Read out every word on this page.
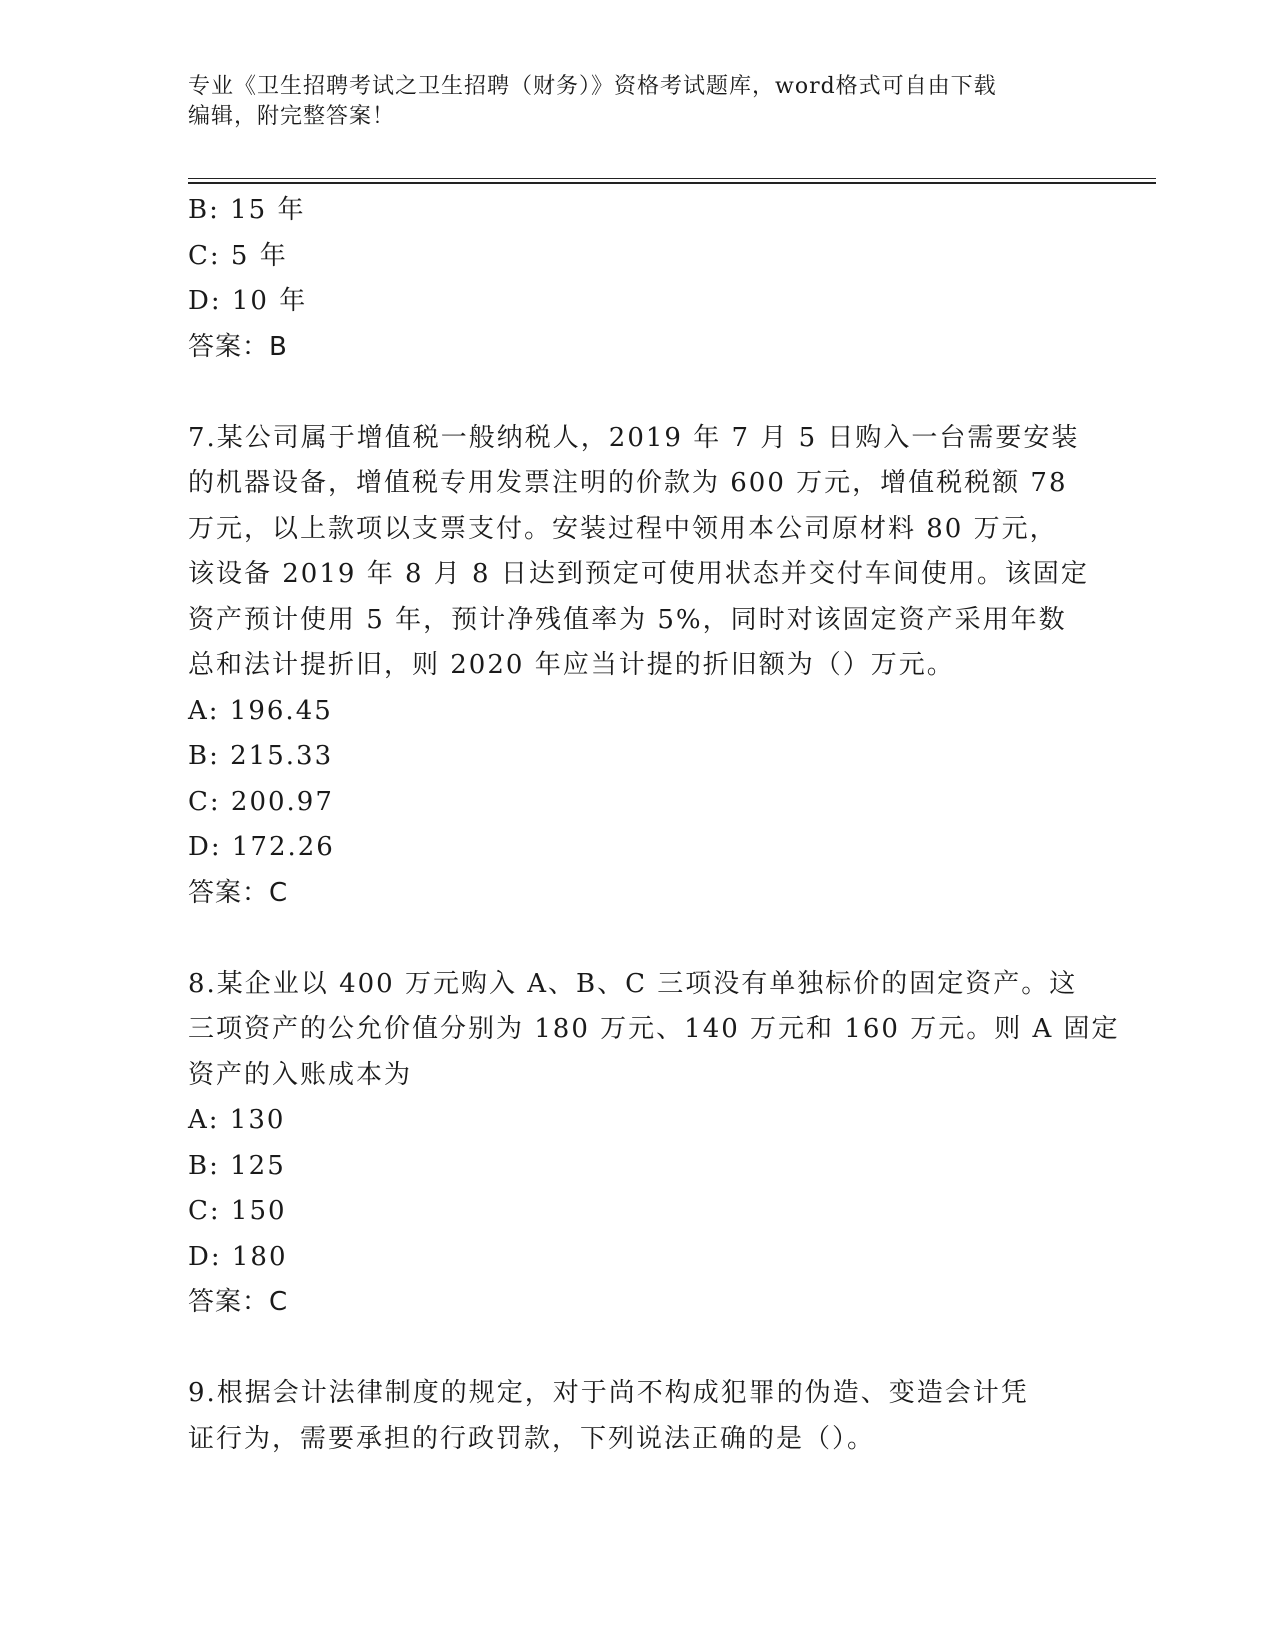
专业《卫生招聘考试之卫生招聘（财务）》资格考试题库，word格式可自由下载
编辑，附完整答案！
B: 15 年
C: 5 年
D: 10 年
答案：B
7.某公司属于增值税一般纳税人，2019 年 7 月 5 日购入一台需要安装
的机器设备，增值税专用发票注明的价款为 600 万元，增值税税额 78
万元，以上款项以支票支付。安装过程中领用本公司原材料 80 万元，
该设备 2019 年 8 月 8 日达到预定可使用状态并交付车间使用。该固定
资产预计使用 5 年，预计净残值率为 5%，同时对该固定资产采用年数
总和法计提折旧，则 2020 年应当计提的折旧额为（）万元。
A: 196.45
B: 215.33
C: 200.97
D: 172.26
答案：C
8.某企业以 400 万元购入 A、B、C 三项没有单独标价的固定资产。这
三项资产的公允价值分别为 180 万元、140 万元和 160 万元。则 A 固定
资产的入账成本为
A: 130
B: 125
C: 150
D: 180
答案：C
9.根据会计法律制度的规定，对于尚不构成犯罪的伪造、变造会计凭
证行为，需要承担的行政罚款，下列说法正确的是（）。
